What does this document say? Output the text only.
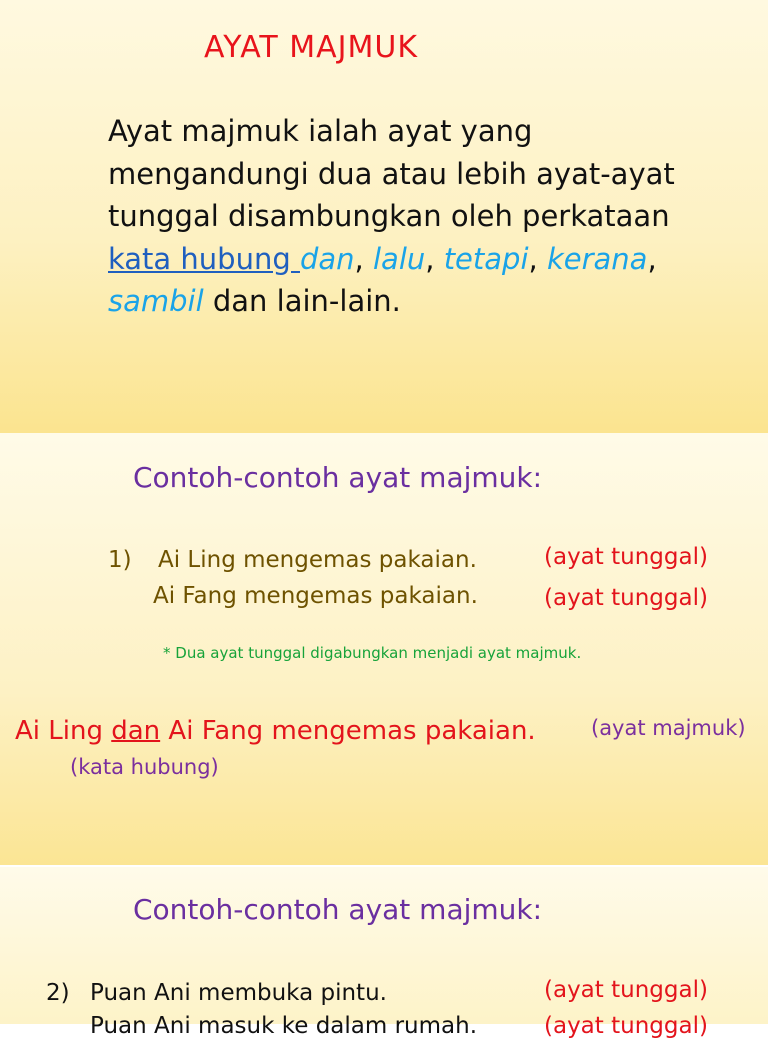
AYAT MAJMUK
Ayat majmuk ialah ayat yang mengandungi dua atau lebih ayat-ayat tunggal disambungkan oleh perkataan kata hubung dan, lalu, tetapi, kerana, sambil dan lain-lain.
Contoh-contoh ayat majmuk:
1) Ai Ling mengemas pakaian.
Ai Fang mengemas pakaian.
(ayat tunggal)
(ayat tunggal)
* Dua ayat tunggal digabungkan menjadi ayat majmuk.
Ai Ling dan Ai Fang mengemas pakaian.	(ayat majmuk)
(kata hubung)
Contoh-contoh ayat majmuk:
2) Puan Ani membuka pintu.
Puan Ani masuk ke dalam rumah.
(ayat tunggal)
(ayat tunggal)
